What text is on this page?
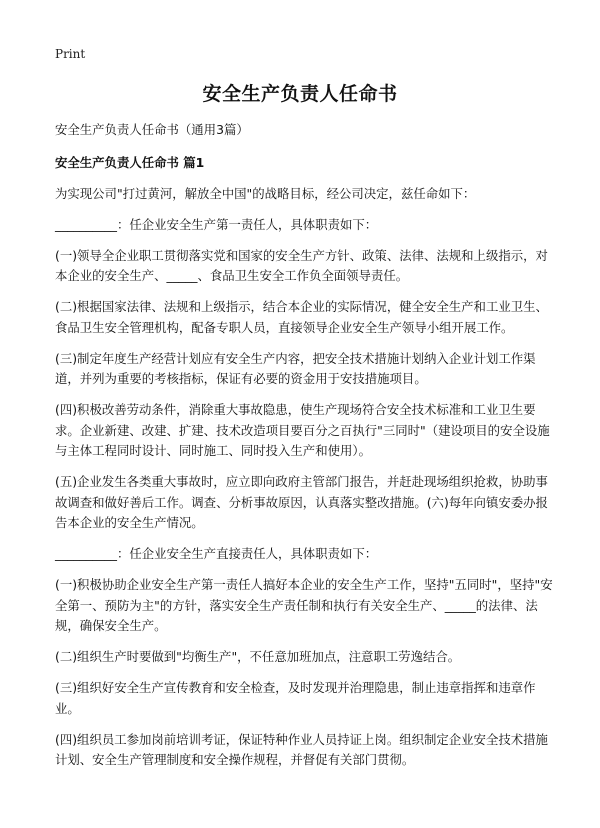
Print
安全生产负责人任命书

安全生产负责人任命书（通用3篇）

安全生产负责人任命书 篇1

为实现公司"打过黄河，解放全中国"的战略目标，经公司决定，兹任命如下：

__________：任企业安全生产第一责任人，具体职责如下：

(一)领导全企业职工贯彻落实党和国家的安全生产方针、政策、法律、法规和上级指示，对本企业的安全生产、_____、食品卫生安全工作负全面领导责任。

(二)根据国家法律、法规和上级指示，结合本企业的实际情况，健全安全生产和工业卫生、食品卫生安全管理机构，配备专职人员，直接领导企业安全生产领导小组开展工作。

(三)制定年度生产经营计划应有安全生产内容，把安全技术措施计划纳入企业计划工作渠道，并列为重要的考核指标，保证有必要的资金用于安技措施项目。

(四)积极改善劳动条件，消除重大事故隐患，使生产现场符合安全技术标准和工业卫生要求。企业新建、改建、扩建、技术改造项目要百分之百执行"三同时"（建设项目的安全设施与主体工程同时设计、同时施工、同时投入生产和使用）。

(五)企业发生各类重大事故时，应立即向政府主管部门报告，并赶赴现场组织抢救，协助事故调查和做好善后工作。调查、分析事故原因，认真落实整改措施。(六)每年向镇安委办报告本企业的安全生产情况。

__________：任企业安全生产直接责任人，具体职责如下：

(一)积极协助企业安全生产第一责任人搞好本企业的安全生产工作，坚持"五同时"，坚持"安全第一、预防为主"的方针，落实安全生产责任制和执行有关安全生产、_____的法律、法规，确保安全生产。

(二)组织生产时要做到"均衡生产"，不任意加班加点，注意职工劳逸结合。

(三)组织好安全生产宣传教育和安全检查，及时发现并治理隐患，制止违章指挥和违章作业。

(四)组织员工参加岗前培训考证，保证特种作业人员持证上岗。组织制定企业安全技术措施计划、安全生产管理制度和安全操作规程，并督促有关部门贯彻。
